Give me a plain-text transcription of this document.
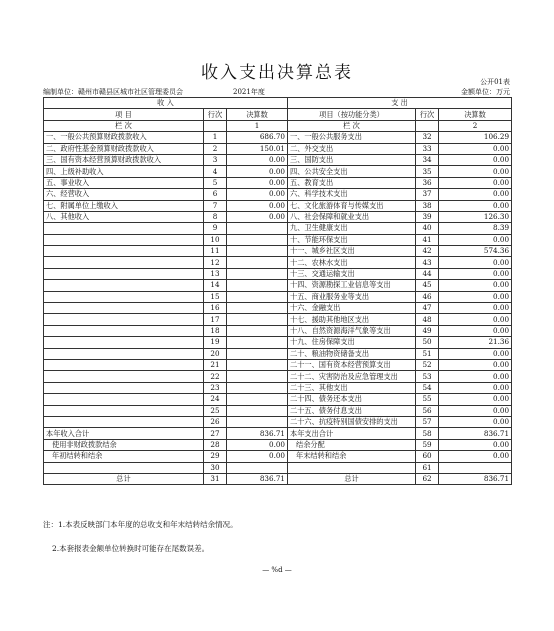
收入支出决算总表	公开01表
编制单位：赣州市赣县区城市社区管理委员会	2021年度	金额单位：万元
收 入			支 出		
项 目	行次	决算数	项目（按功能分类）	行次	决算数
栏 次		1	栏 次		2
一、一般公共预算财政拨款收入	1	686.70	一、一般公共服务支出	32	106.29
二、政府性基金预算财政拨款收入	2	150.01	二、外交支出	33	0.00
三、国有资本经营预算财政拨款收入	3	0.00	三、国防支出	34	0.00
四、上级补助收入	4	0.00	四、公共安全支出	35	0.00
五、事业收入	5	0.00	五、教育支出	36	0.00
六、经营收入	6	0.00	六、科学技术支出	37	0.00
七、附属单位上缴收入	7	0.00	七、文化旅游体育与传媒支出	38	0.00
八、其他收入	8	0.00	八、社会保障和就业支出	39	126.30
	9		九、卫生健康支出	40	8.39
	10		十、节能环保支出	41	0.00
	11		十一、城乡社区支出	42	574.36
	12		十二、农林水支出	43	0.00
	13		十三、交通运输支出	44	0.00
	14		十四、资源勘探工业信息等支出	45	0.00
	15		十五、商业服务业等支出	46	0.00
	16		十六、金融支出	47	0.00
	17		十七、援助其他地区支出	48	0.00
	18		十八、自然资源海洋气象等支出	49	0.00
	19		十九、住房保障支出	50	21.36
	20		二十、粮油物资储备支出	51	0.00
	21		二十一、国有资本经营预算支出	52	0.00
	22		二十二、灾害防治及应急管理支出	53	0.00
	23		二十三、其他支出	54	0.00
	24		二十四、债务还本支出	55	0.00
	25		二十五、债务付息支出	56	0.00
	26		二十六、抗疫特别国债安排的支出	57	0.00
本年收入合计	27	836.71	本年支出合计	58	836.71
使用非财政拨款结余	28	0.00	结余分配	59	0.00
年初结转和结余	29	0.00	年末结转和结余	60	0.00
	30			61	
总计	31	836.71	总计	62	836.71
注：1.本表反映部门本年度的总收支和年末结转结余情况。
2.本套报表金额单位转换时可能存在尾数误差。
— %d —
